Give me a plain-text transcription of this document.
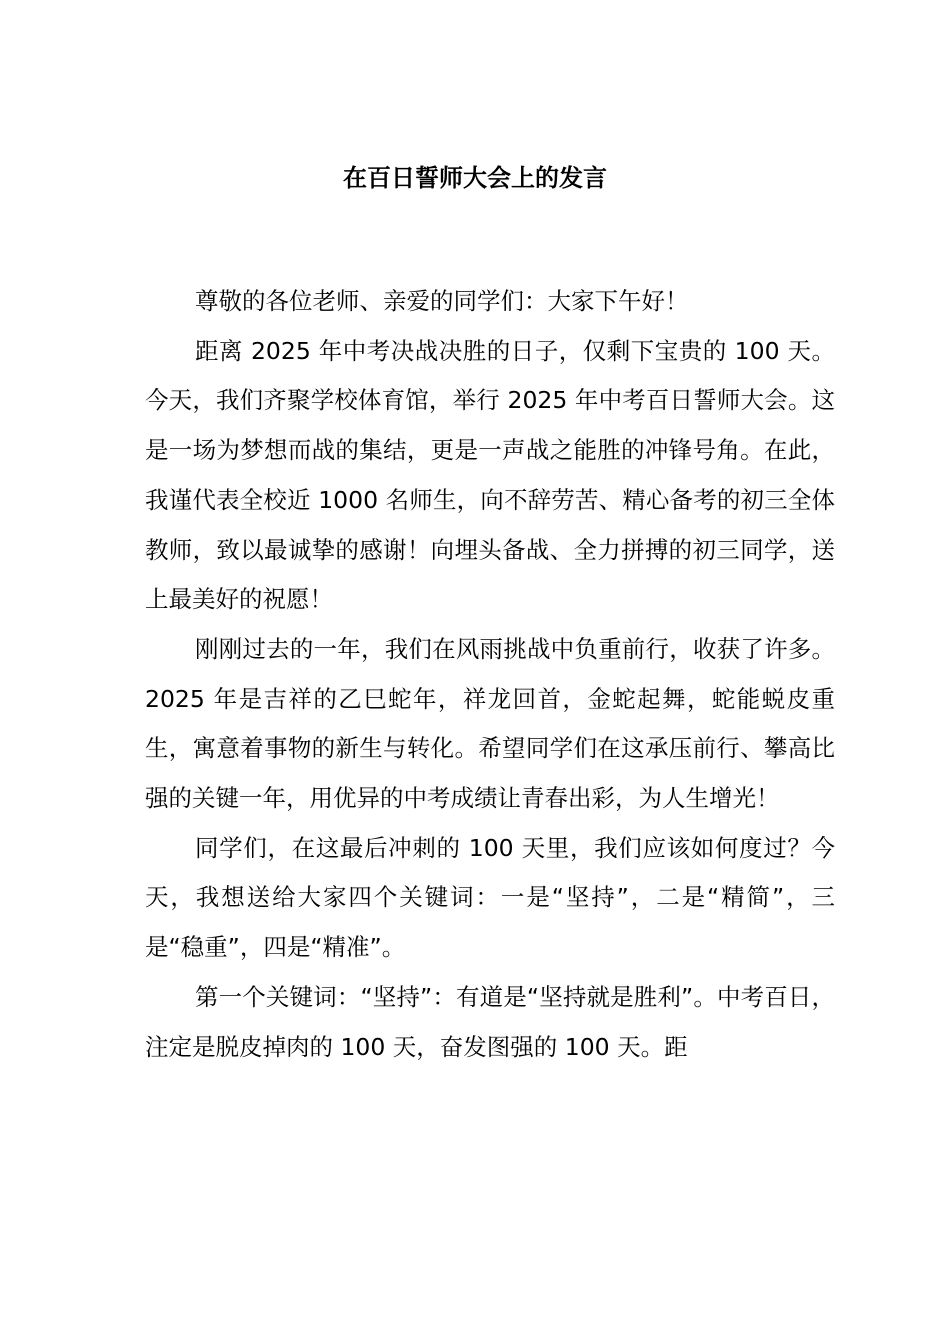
在百日誓师大会上的发言

尊敬的各位老师、亲爱的同学们：大家下午好！

距离 2025 年中考决战决胜的日子，仅剩下宝贵的 100 天。今天，我们齐聚学校体育馆，举行 2025 年中考百日誓师大会。这是一场为梦想而战的集结，更是一声战之能胜的冲锋号角。在此，我谨代表全校近 1000 名师生，向不辞劳苦、精心备考的初三全体教师，致以最诚挚的感谢！向埋头备战、全力拼搏的初三同学，送上最美好的祝愿！

刚刚过去的一年，我们在风雨挑战中负重前行，收获了许多。2025 年是吉祥的乙巳蛇年，祥龙回首，金蛇起舞，蛇能蜕皮重生，寓意着事物的新生与转化。希望同学们在这承压前行、攀高比强的关键一年，用优异的中考成绩让青春出彩，为人生增光！

同学们，在这最后冲刺的 100 天里，我们应该如何度过？今天，我想送给大家四个关键词：一是“坚持”，二是“精简”，三是“稳重”，四是“精准”。

第一个关键词：“坚持”：有道是“坚持就是胜利”。中考百日，注定是脱皮掉肉的 100 天，奋发图强的 100 天。距
